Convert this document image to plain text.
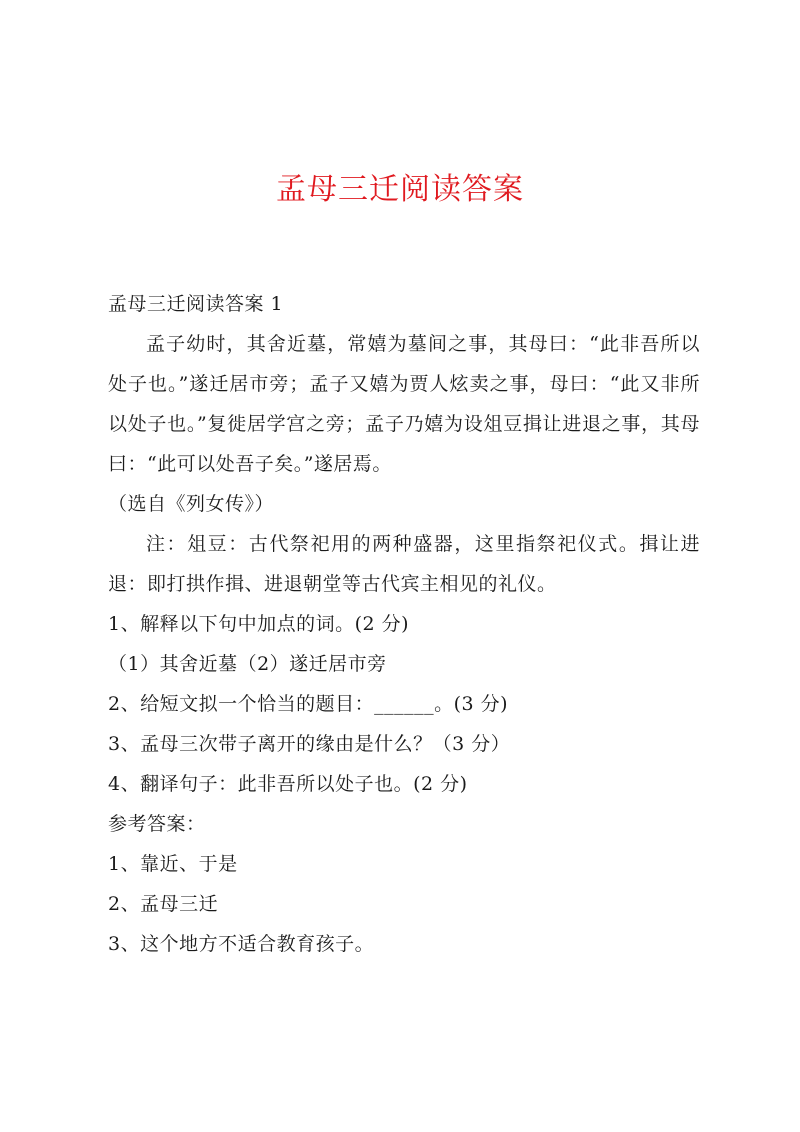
孟母三迁阅读答案

孟母三迁阅读答案 1

孟子幼时，其舍近墓，常嬉为墓间之事，其母曰：“此非吾所以处子也。”遂迁居市旁；孟子又嬉为贾人炫卖之事，母曰：“此又非所以处子也。”复徙居学宫之旁；孟子乃嬉为设俎豆揖让进退之事，其母曰：“此可以处吾子矣。”遂居焉。

（选自《列女传》）

注：俎豆：古代祭祀用的两种盛器，这里指祭祀仪式。揖让进退：即打拱作揖、进退朝堂等古代宾主相见的礼仪。

1、解释以下句中加点的词。(2 分)

（1）其舍近墓（2）遂迁居市旁

2、给短文拟一个恰当的题目：______。(3 分)

3、孟母三次带子离开的缘由是什么？（3 分）

4、翻译句子：此非吾所以处子也。(2 分)

参考答案：

1、靠近、于是

2、孟母三迁

3、这个地方不适合教育孩子。
